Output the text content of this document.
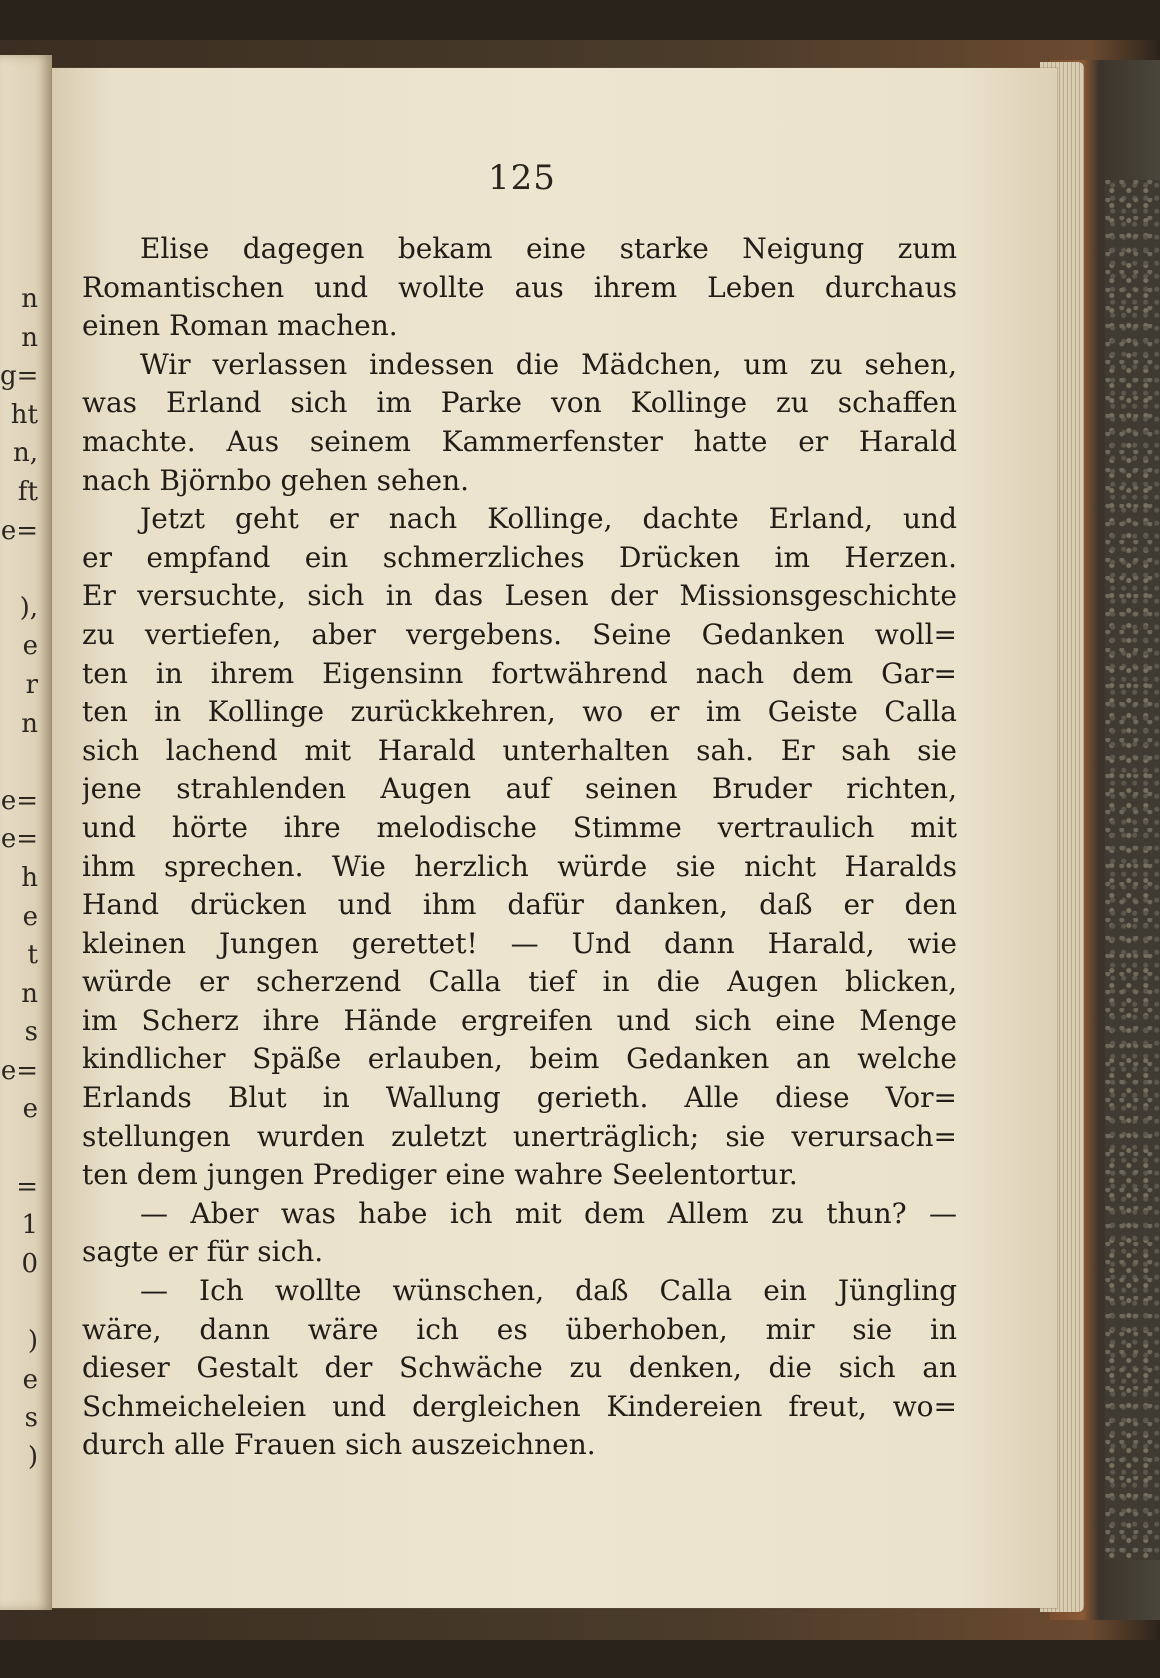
n
n
g=
ht
n,
ft
e=
),
e
r
n
e=
e=
h
e
t
n
s
e=
e
=
1
0
)
e
s
)
125
Elise dagegen bekam eine starke Neigung zum
Romantischen und wollte aus ihrem Leben durchaus
einen Roman machen.
Wir verlassen indessen die Mädchen, um zu sehen,
was Erland sich im Parke von Kollinge zu schaffen
machte. Aus seinem Kammerfenster hatte er Harald
nach Björnbo gehen sehen.
Jetzt geht er nach Kollinge, dachte Erland, und
er empfand ein schmerzliches Drücken im Herzen.
Er versuchte, sich in das Lesen der Missionsgeschichte
zu vertiefen, aber vergebens. Seine Gedanken woll=
ten in ihrem Eigensinn fortwährend nach dem Gar=
ten in Kollinge zurückkehren, wo er im Geiste Calla
sich lachend mit Harald unterhalten sah. Er sah sie
jene strahlenden Augen auf seinen Bruder richten,
und hörte ihre melodische Stimme vertraulich mit
ihm sprechen. Wie herzlich würde sie nicht Haralds
Hand drücken und ihm dafür danken, daß er den
kleinen Jungen gerettet! — Und dann Harald, wie
würde er scherzend Calla tief in die Augen blicken,
im Scherz ihre Hände ergreifen und sich eine Menge
kindlicher Späße erlauben, beim Gedanken an welche
Erlands Blut in Wallung gerieth. Alle diese Vor=
stellungen wurden zuletzt unerträglich; sie verursach=
ten dem jungen Prediger eine wahre Seelentortur.
— Aber was habe ich mit dem Allem zu thun? —
sagte er für sich.
— Ich wollte wünschen, daß Calla ein Jüngling
wäre, dann wäre ich es überhoben, mir sie in
dieser Gestalt der Schwäche zu denken, die sich an
Schmeicheleien und dergleichen Kindereien freut, wo=
durch alle Frauen sich auszeichnen.
